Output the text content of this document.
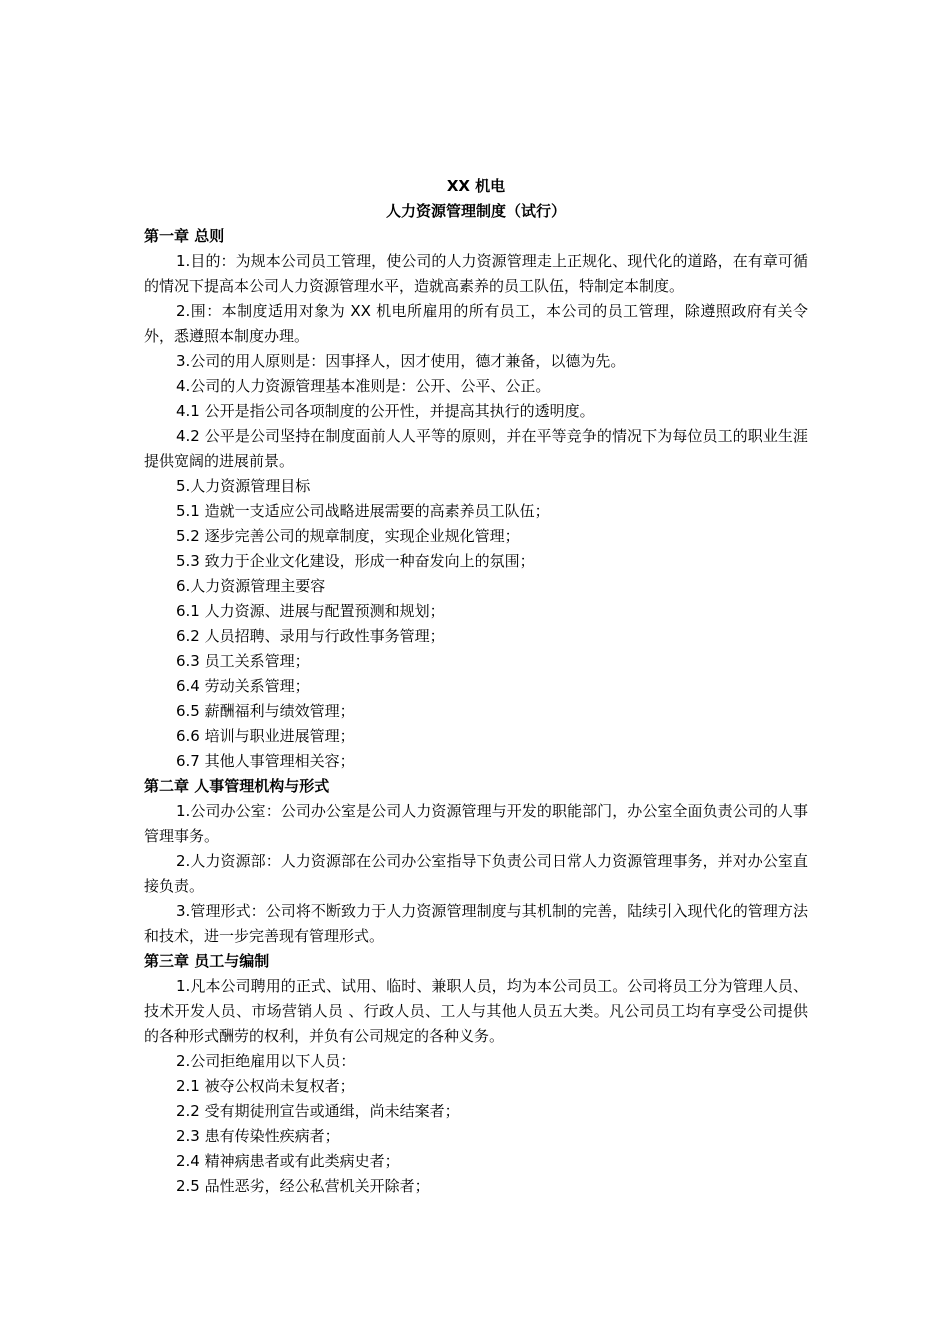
XX 机电

人力资源管理制度（试行）

第一章 总则

1.目的：为规本公司员工管理，使公司的人力资源管理走上正规化、现代化的道路，在有章可循的情况下提高本公司人力资源管理水平，造就高素养的员工队伍，特制定本制度。

2.围：本制度适用对象为 XX 机电所雇用的所有员工，本公司的员工管理，除遵照政府有关令外，悉遵照本制度办理。

3.公司的用人原则是：因事择人，因才使用，德才兼备，以德为先。

4.公司的人力资源管理基本准则是：公开、公平、公正。

4.1 公开是指公司各项制度的公开性，并提高其执行的透明度。

4.2 公平是公司坚持在制度面前人人平等的原则，并在平等竞争的情况下为每位员工的职业生涯提供宽阔的进展前景。

5.人力资源管理目标

5.1 造就一支适应公司战略进展需要的高素养员工队伍；

5.2 逐步完善公司的规章制度，实现企业规化管理；

5.3 致力于企业文化建设，形成一种奋发向上的氛围；

6.人力资源管理主要容

6.1 人力资源、进展与配置预测和规划；

6.2 人员招聘、录用与行政性事务管理；

6.3 员工关系管理；

6.4 劳动关系管理；

6.5 薪酬福利与绩效管理；

6.6 培训与职业进展管理；

6.7 其他人事管理相关容；

第二章 人事管理机构与形式

1.公司办公室：公司办公室是公司人力资源管理与开发的职能部门，办公室全面负责公司的人事管理事务。

2.人力资源部：人力资源部在公司办公室指导下负责公司日常人力资源管理事务，并对办公室直接负责。

3.管理形式：公司将不断致力于人力资源管理制度与其机制的完善，陆续引入现代化的管理方法和技术，进一步完善现有管理形式。

第三章 员工与编制

1.凡本公司聘用的正式、试用、临时、兼职人员，均为本公司员工。公司将员工分为管理人员、技术开发人员、市场营销人员 、行政人员、工人与其他人员五大类。凡公司员工均有享受公司提供的各种形式酬劳的权利，并负有公司规定的各种义务。

2.公司拒绝雇用以下人员：

2.1 被夺公权尚未复权者；

2.2 受有期徒刑宣告或通缉，尚未结案者；

2.3 患有传染性疾病者；

2.4 精神病患者或有此类病史者；

2.5 品性恶劣，经公私营机关开除者；
